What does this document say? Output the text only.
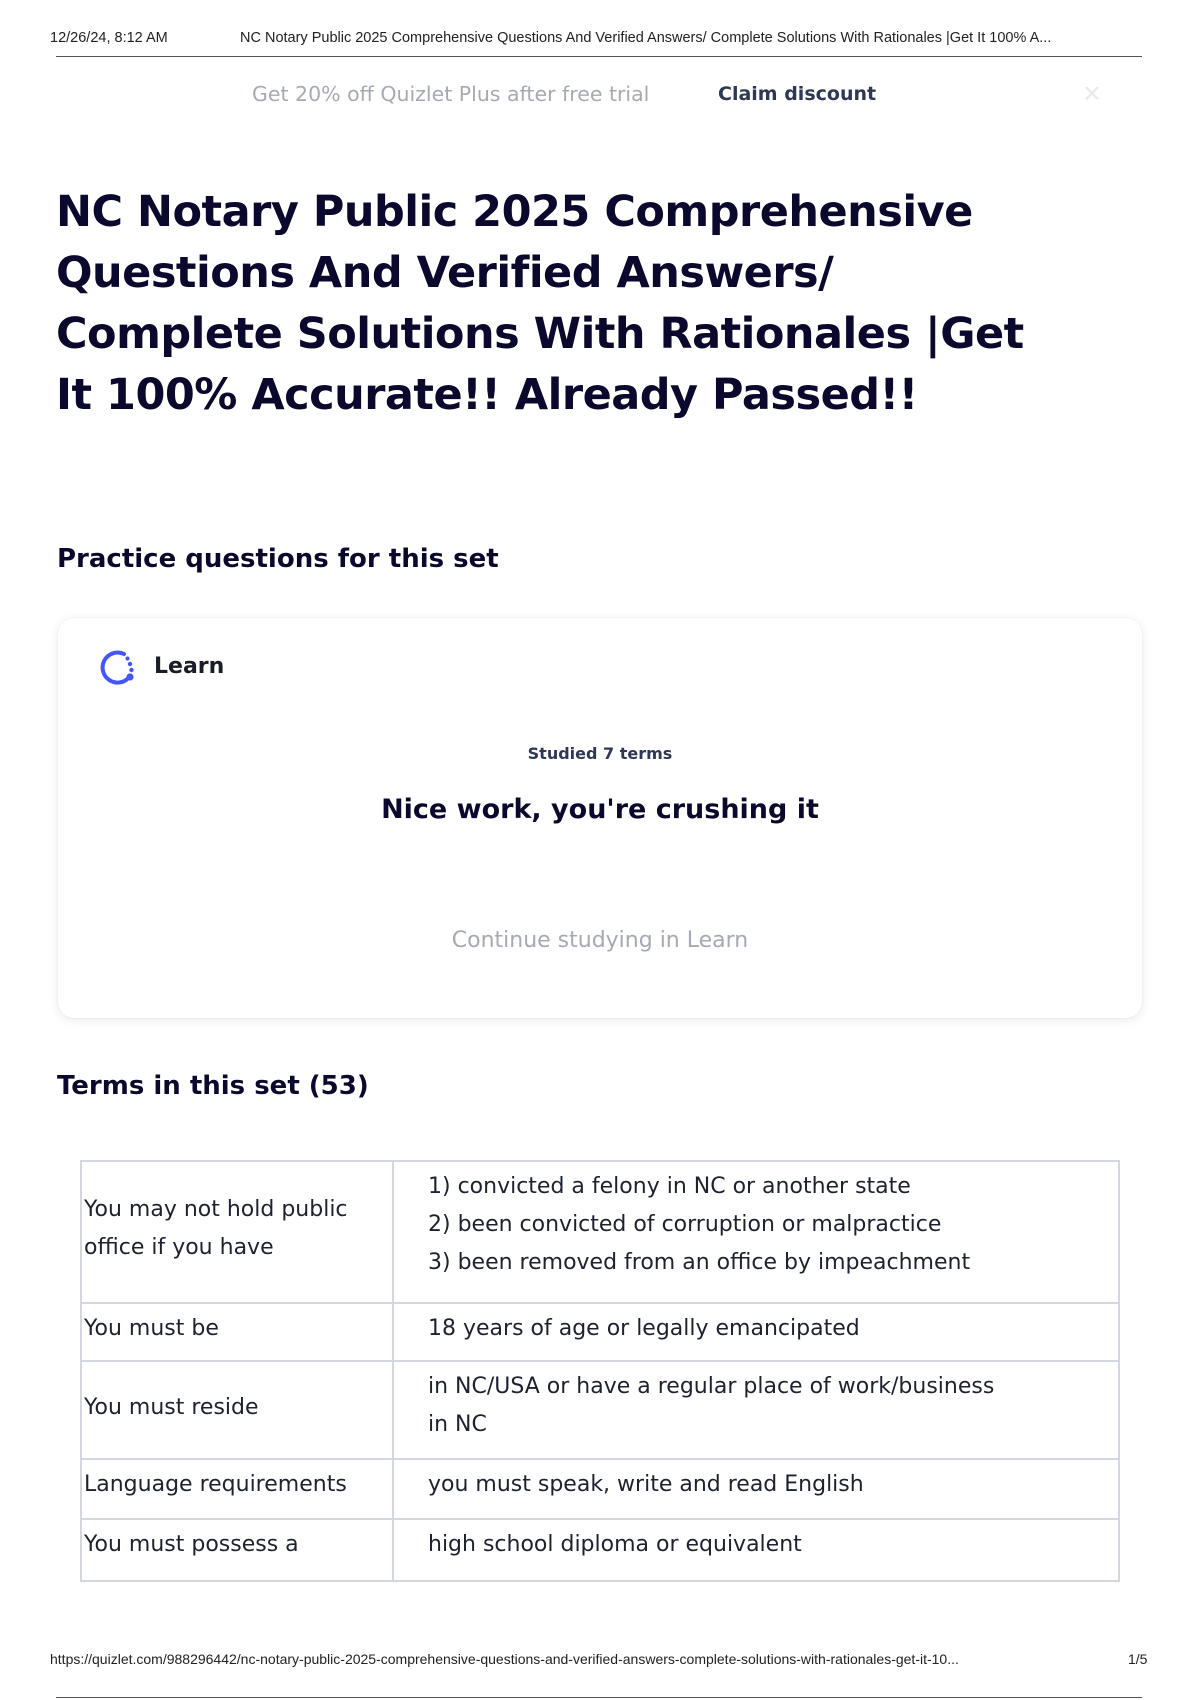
12/26/24, 8:12 AM	NC Notary Public 2025 Comprehensive Questions And Verified Answers/ Complete Solutions With Rationales |Get It 100% A...
Get 20% off Quizlet Plus after free trial	Claim discount	✕
NC Notary Public 2025 Comprehensive Questions And Verified Answers/ Complete Solutions With Rationales |Get It 100% Accurate!! Already Passed!!
Practice questions for this set
Learn
Studied 7 terms
Nice work, you're crushing it
Continue studying in Learn
Terms in this set (53)
You may not hold public office if you have	1) convicted a felony in NC or another state
2) been convicted of corruption or malpractice
3) been removed from an office by impeachment

You must be	18 years of age or legally emancipated

You must reside	in NC/USA or have a regular place of work/business
in NC

Language requirements	you must speak, write and read English

You must possess a	high school diploma or equivalent
https://quizlet.com/988296442/nc-notary-public-2025-comprehensive-questions-and-verified-answers-complete-solutions-with-rationales-get-it-10...	1/5
